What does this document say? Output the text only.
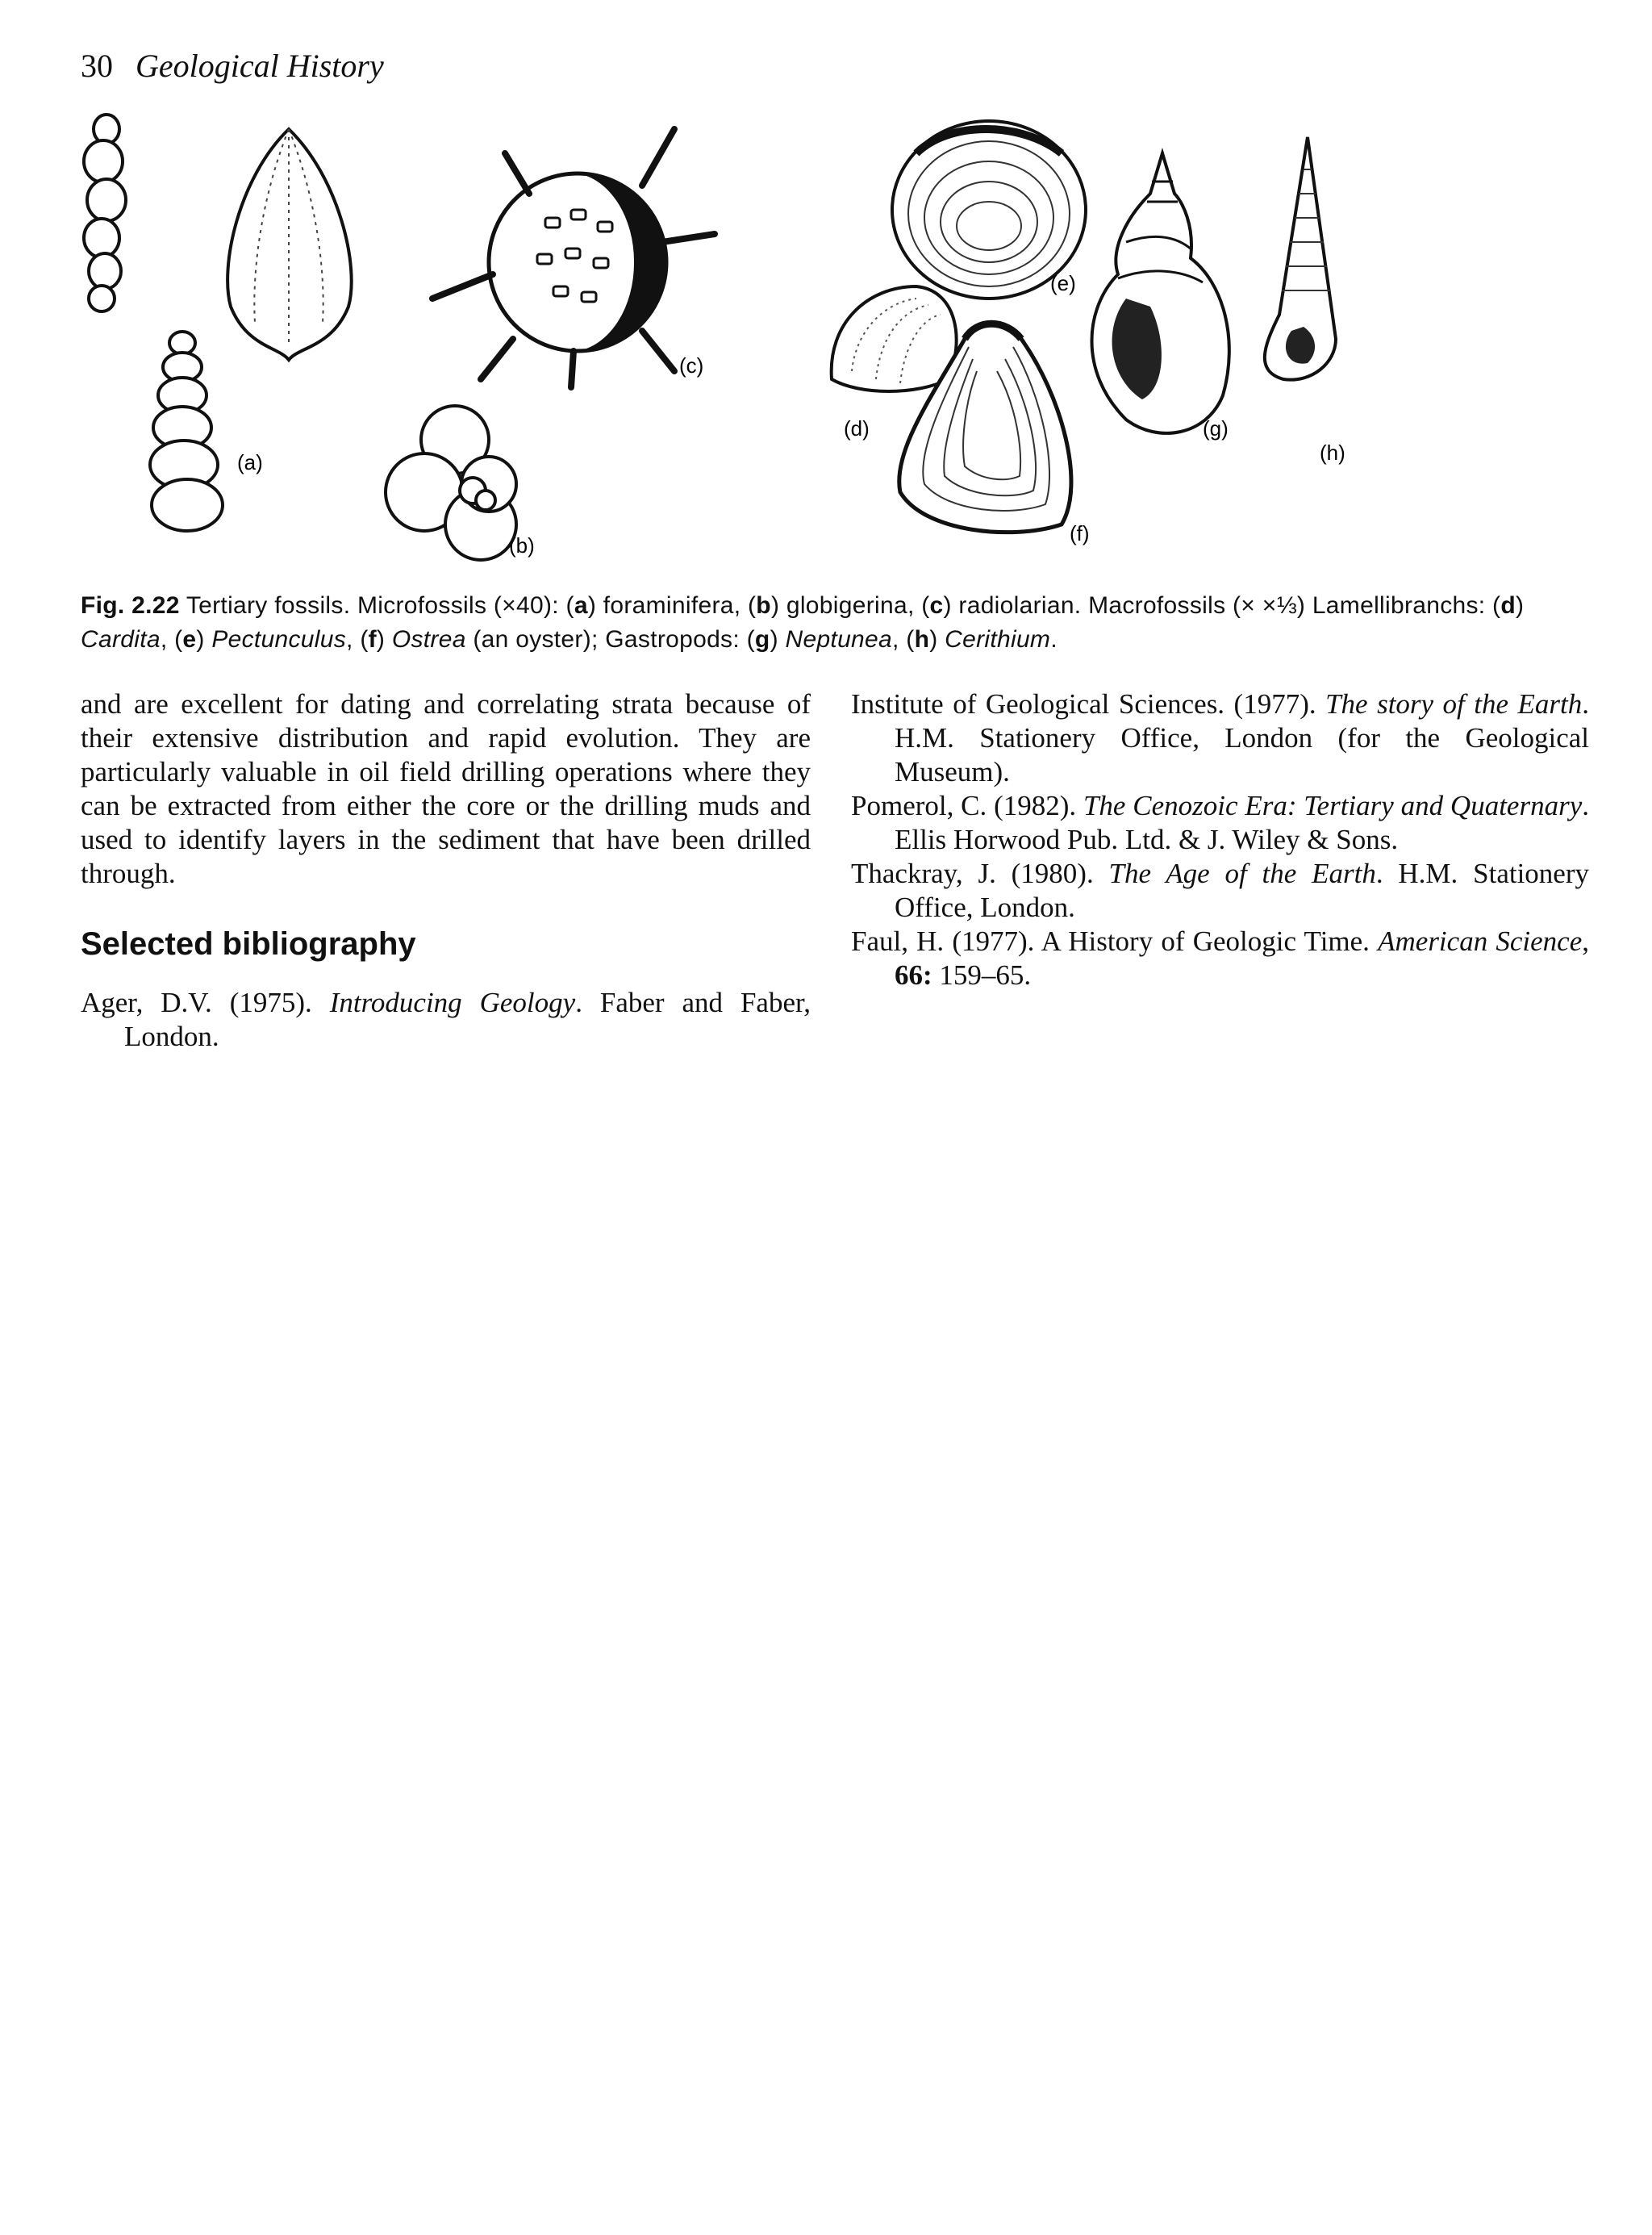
30 Geological History
(a)
(b)
(c)
(e)
(d)
(f)
(g)
(h)
Fig. 2.22 Tertiary fossils. Microfossils (×40): (a) foraminifera, (b) globigerina, (c) radiolarian. Macrofossils (× ×⅓) Lamellibranchs: (d) Cardita, (e) Pectunculus, (f) Ostrea (an oyster); Gastropods: (g) Neptunea, (h) Cerithium.

and are excellent for dating and correlating strata because of their extensive distribution and rapid evolution. They are particularly valuable in oil field drilling operations where they can be extracted from either the core or the drilling muds and used to identify layers in the sediment that have been drilled through.

Selected bibliography

Ager, D.V. (1975). Introducing Geology. Faber and Faber, London.

Institute of Geological Sciences. (1977). The story of the Earth. H.M. Stationery Office, London (for the Geological Museum).

Pomerol, C. (1982). The Cenozoic Era: Tertiary and Quaternary. Ellis Horwood Pub. Ltd. & J. Wiley & Sons.

Thackray, J. (1980). The Age of the Earth. H.M. Stationery Office, London.

Faul, H. (1977). A History of Geologic Time. American Science, 66: 159–65.
